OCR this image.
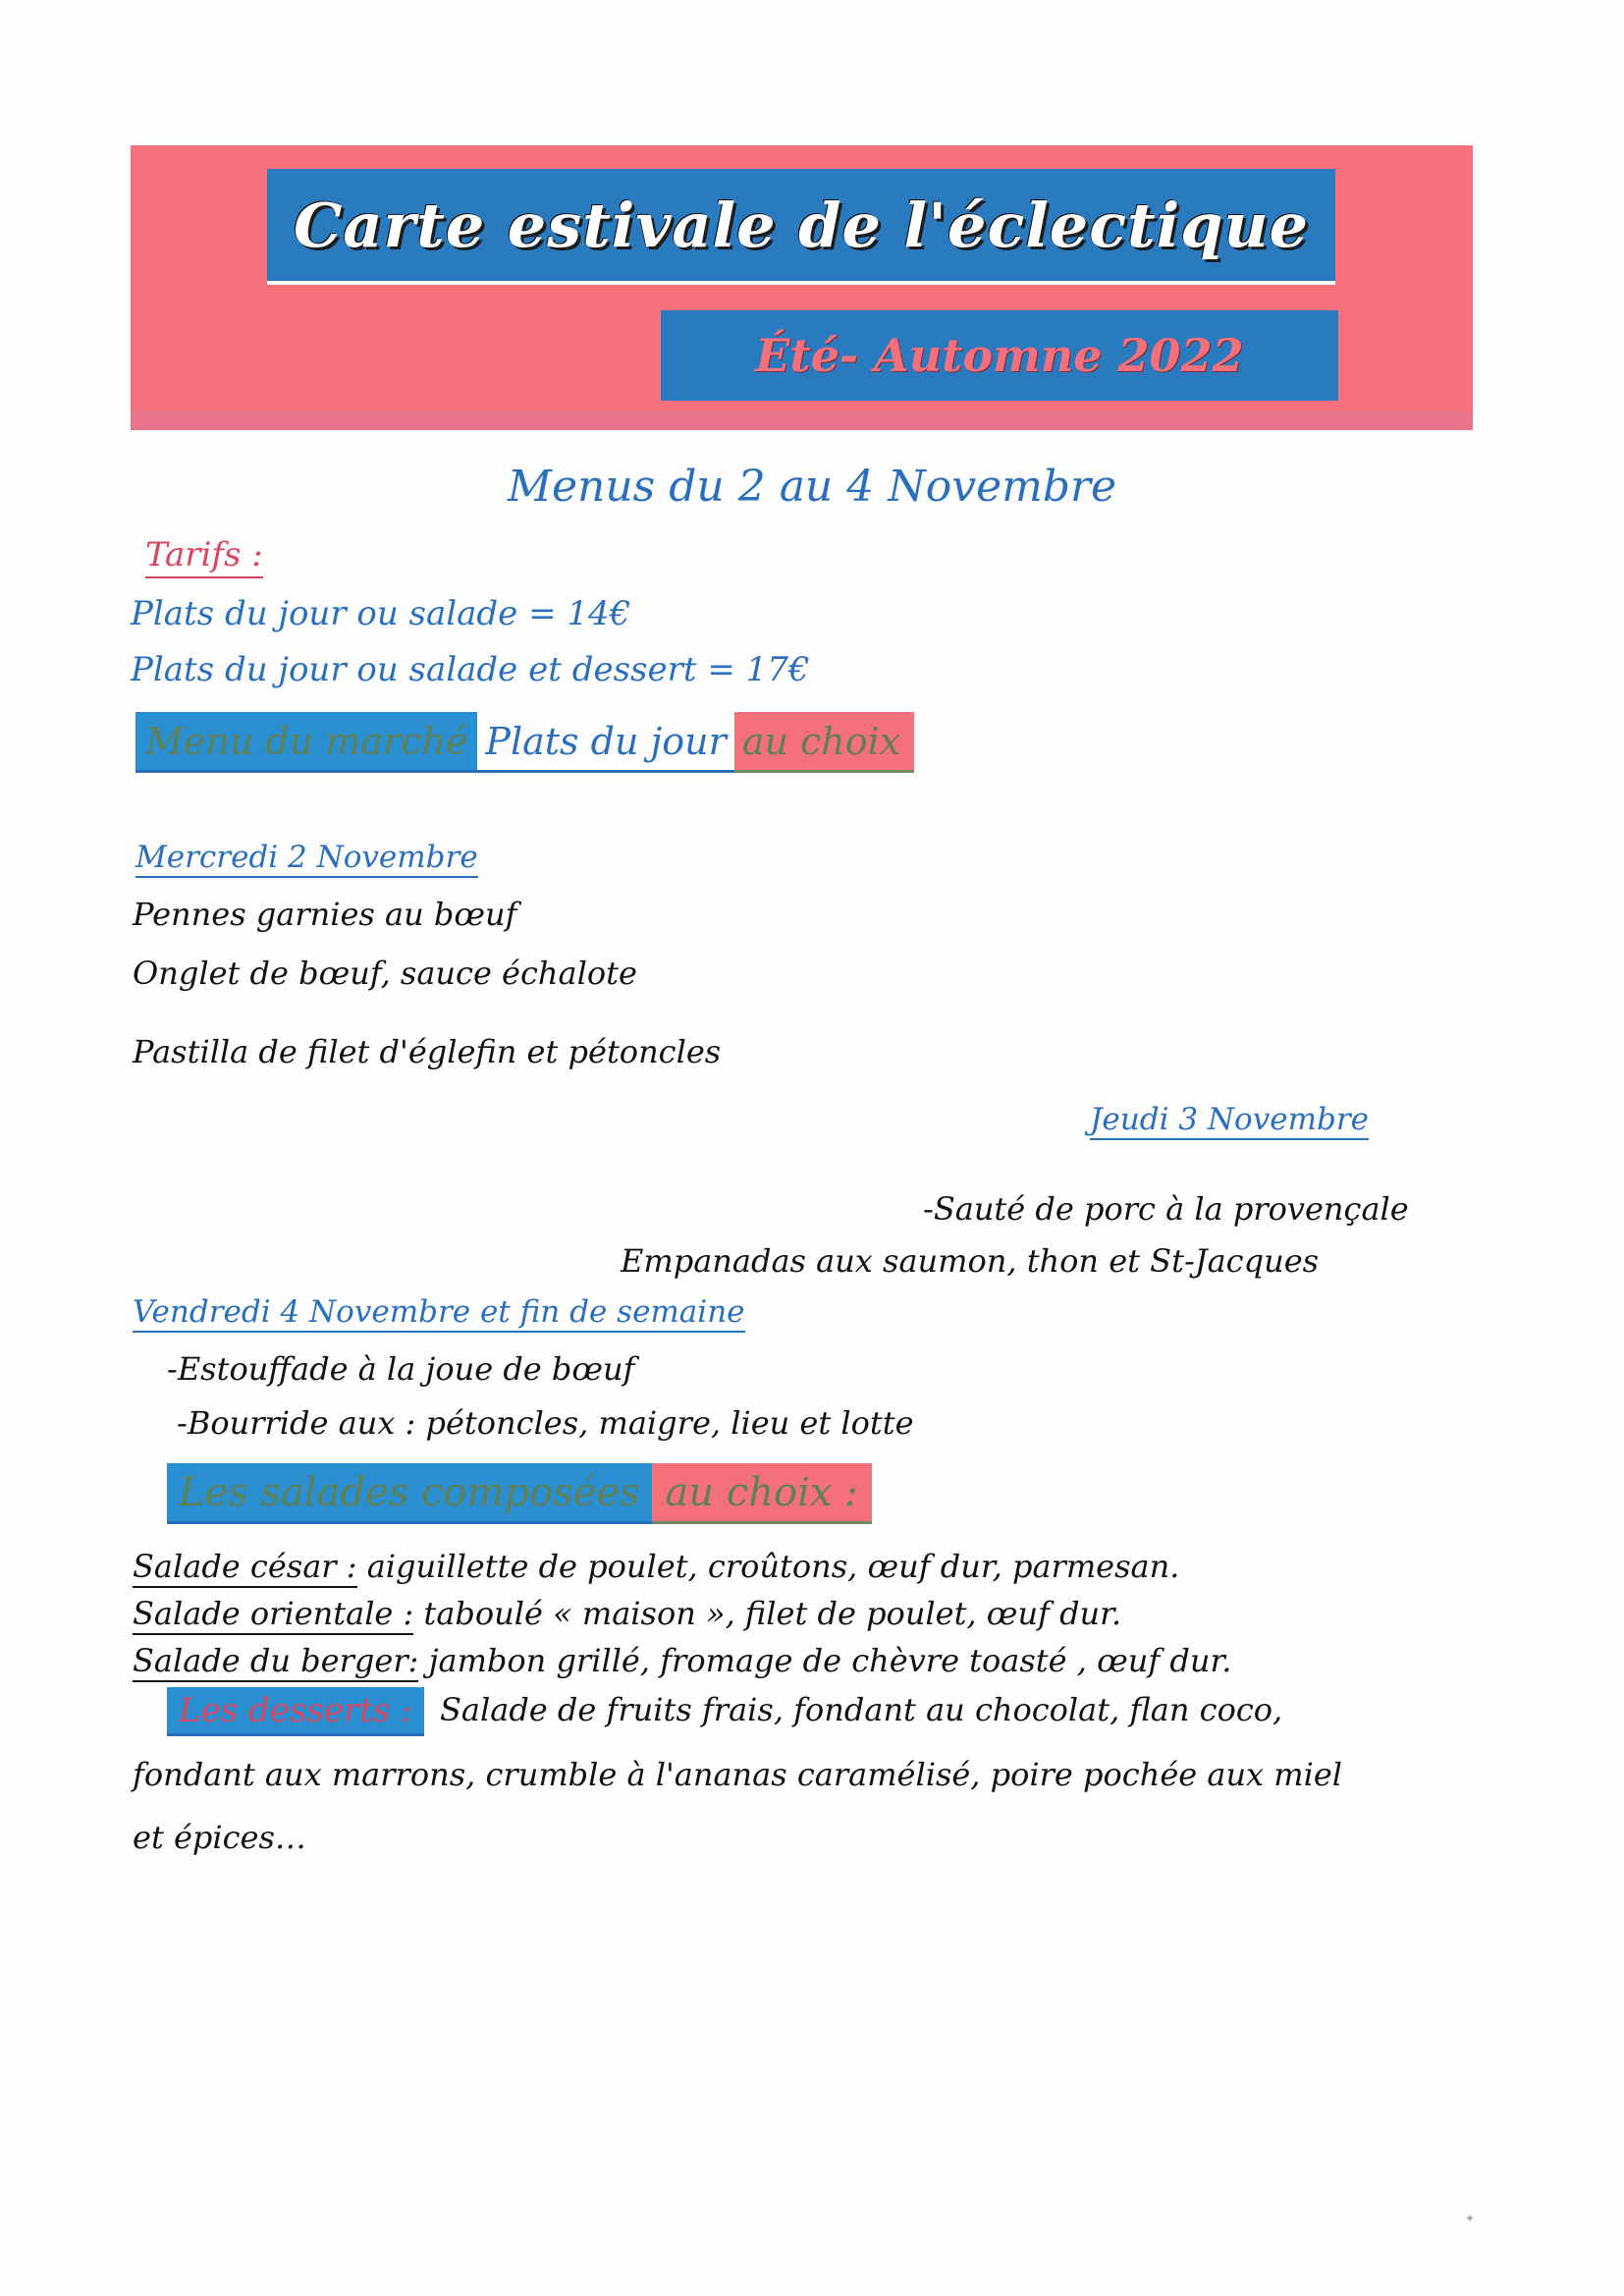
Carte estivale de l'éclectique
Été- Automne 2022
Menus du 2 au 4 Novembre
Tarifs :
Plats du jour ou salade = 14€
Plats du jour ou salade et dessert = 17€
Menu du marché Plats du jour au choix
Mercredi 2 Novembre
Pennes garnies au bœuf
Onglet de bœuf, sauce échalote
Pastilla de filet d'églefin et pétoncles
Jeudi 3 Novembre
-Sauté de porc à la provençale
Empanadas aux saumon, thon et St-Jacques
Vendredi 4 Novembre et fin de semaine
-Estouffade à la joue de bœuf
-Bourride aux : pétoncles, maigre, lieu et lotte
Les salades composées au choix :
Salade césar : aiguillette de poulet, croûtons, œuf dur, parmesan.
Salade orientale : taboulé « maison », filet de poulet, œuf dur.
Salade du berger: jambon grillé, fromage de chèvre toasté , œuf dur.
Les desserts : Salade de fruits frais, fondant au chocolat, flan coco,
fondant aux marrons, crumble à l'ananas caramélisé, poire pochée aux miel
et épices…
✦
